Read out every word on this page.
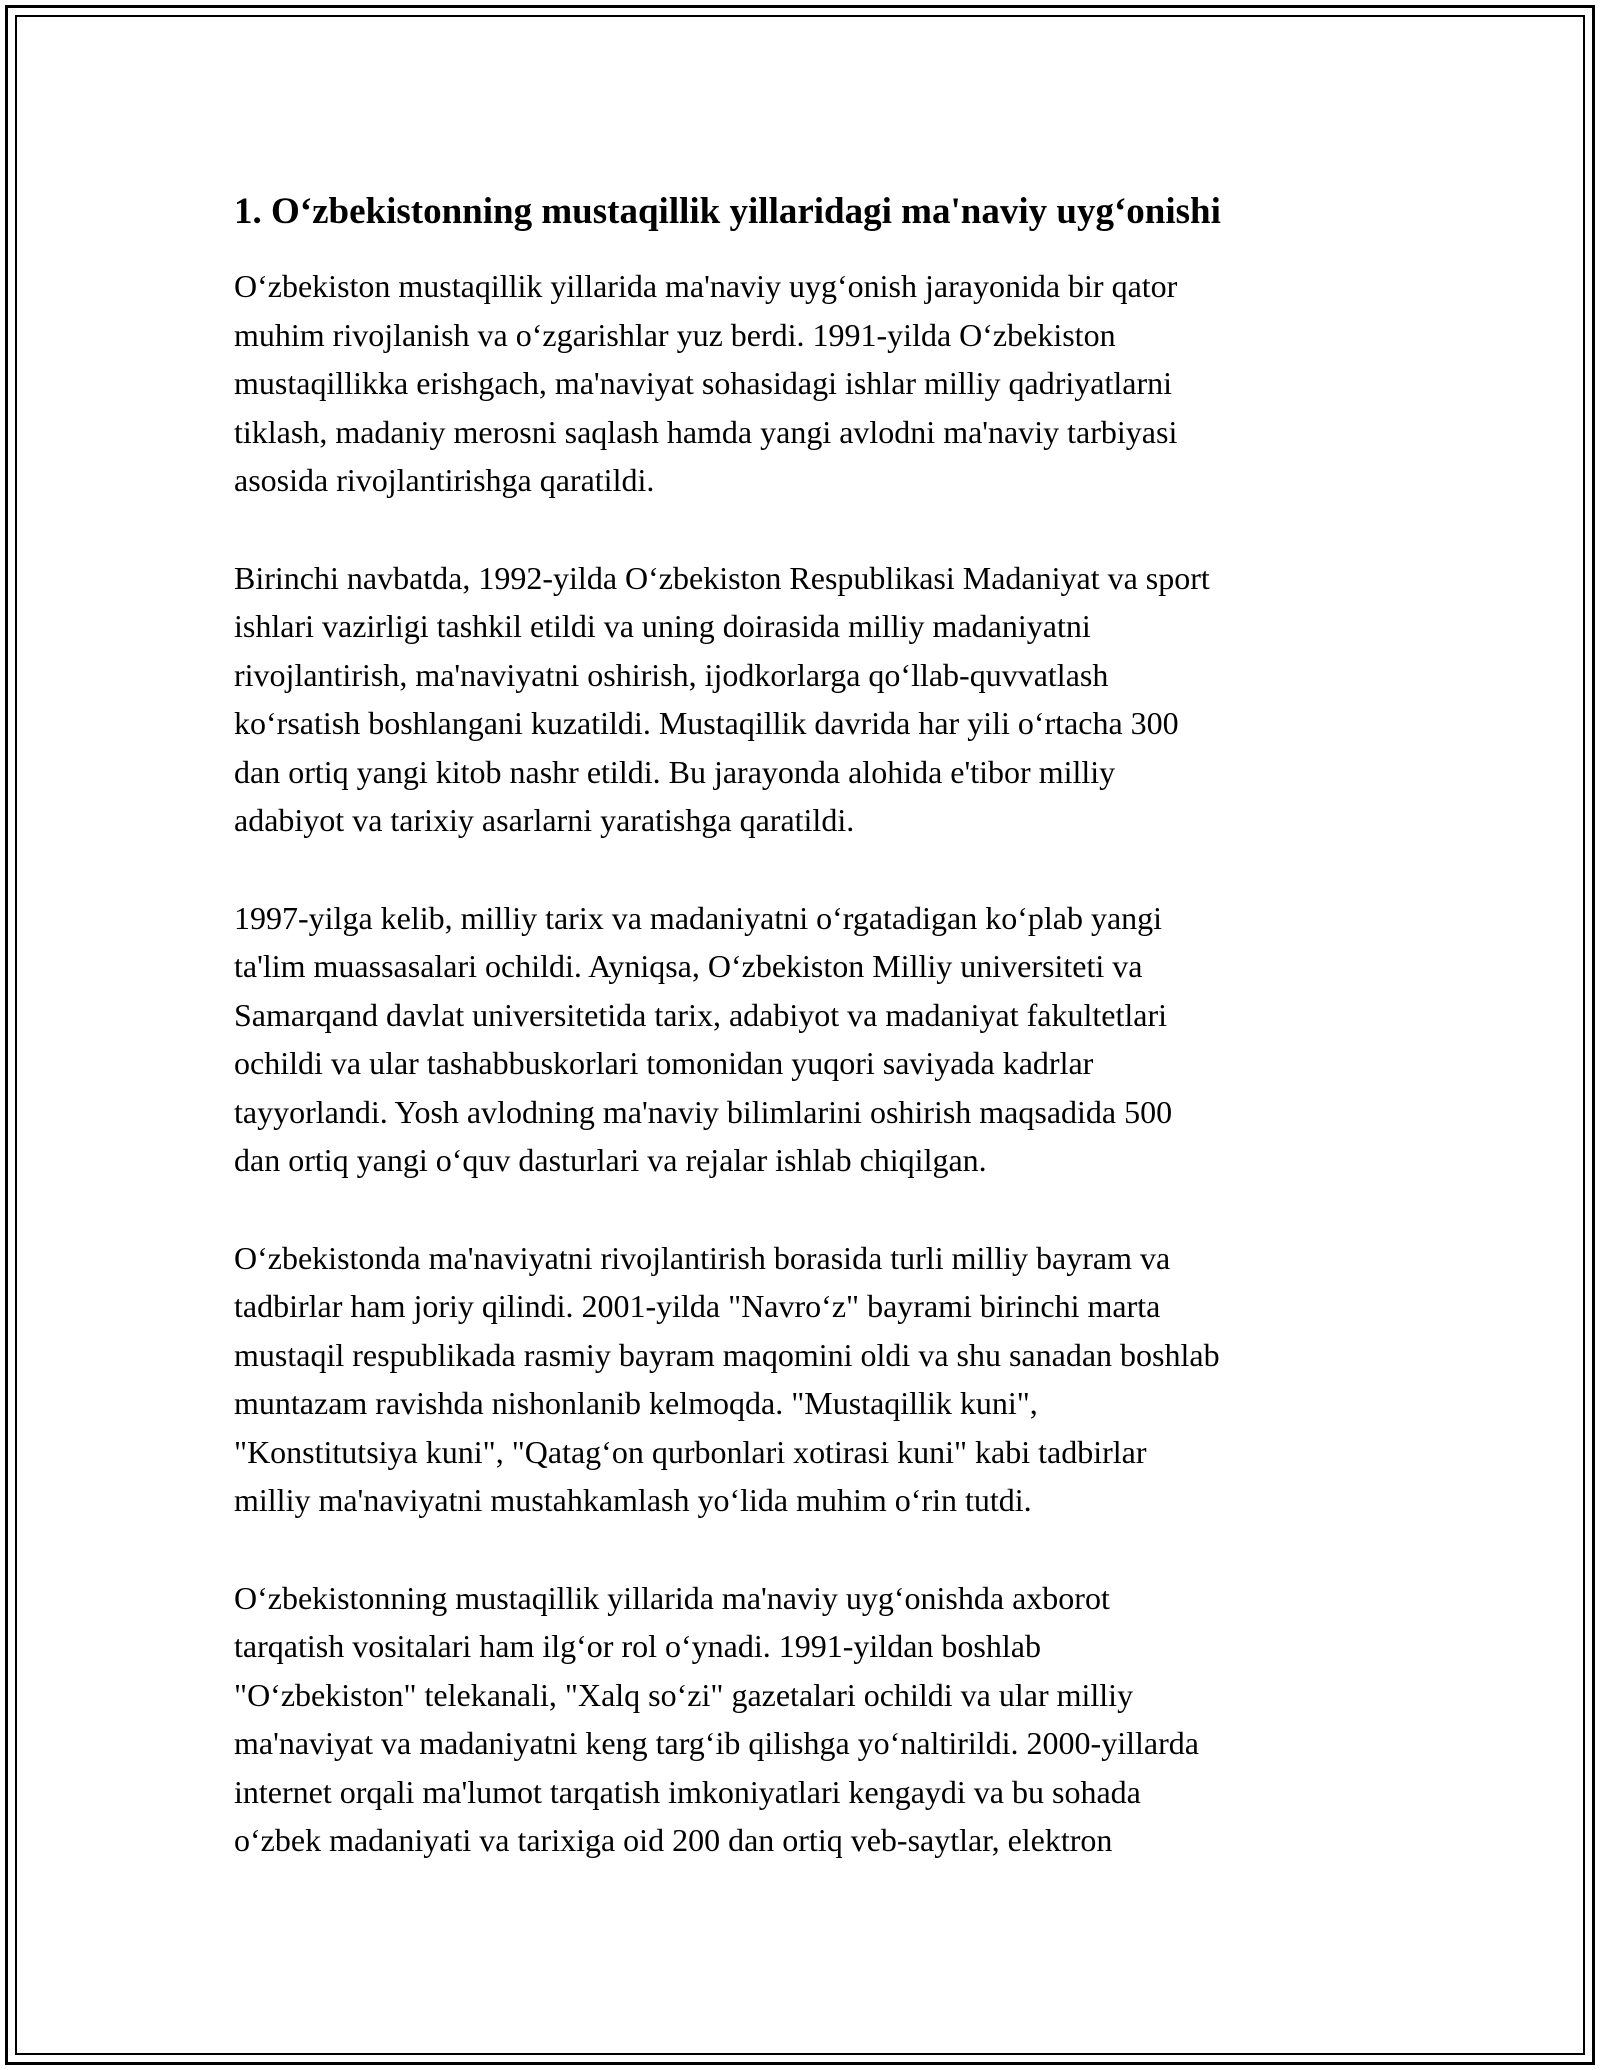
1. O‘zbekistonning mustaqillik yillaridagi ma'naviy uyg‘onishi

O‘zbekiston mustaqillik yillarida ma'naviy uyg‘onish jarayonida bir qator
muhim rivojlanish va o‘zgarishlar yuz berdi. 1991-yilda O‘zbekiston
mustaqillikka erishgach, ma'naviyat sohasidagi ishlar milliy qadriyatlarni
tiklash, madaniy merosni saqlash hamda yangi avlodni ma'naviy tarbiyasi
asosida rivojlantirishga qaratildi.

Birinchi navbatda, 1992-yilda O‘zbekiston Respublikasi Madaniyat va sport
ishlari vazirligi tashkil etildi va uning doirasida milliy madaniyatni
rivojlantirish, ma'naviyatni oshirish, ijodkorlarga qo‘llab-quvvatlash
ko‘rsatish boshlangani kuzatildi. Mustaqillik davrida har yili o‘rtacha 300
dan ortiq yangi kitob nashr etildi. Bu jarayonda alohida e'tibor milliy
adabiyot va tarixiy asarlarni yaratishga qaratildi.

1997-yilga kelib, milliy tarix va madaniyatni o‘rgatadigan ko‘plab yangi
ta'lim muassasalari ochildi. Ayniqsa, O‘zbekiston Milliy universiteti va
Samarqand davlat universitetida tarix, adabiyot va madaniyat fakultetlari
ochildi va ular tashabbuskorlari tomonidan yuqori saviyada kadrlar
tayyorlandi. Yosh avlodning ma'naviy bilimlarini oshirish maqsadida 500
dan ortiq yangi o‘quv dasturlari va rejalar ishlab chiqilgan.

O‘zbekistonda ma'naviyatni rivojlantirish borasida turli milliy bayram va
tadbirlar ham joriy qilindi. 2001-yilda "Navro‘z" bayrami birinchi marta
mustaqil respublikada rasmiy bayram maqomini oldi va shu sanadan boshlab
muntazam ravishda nishonlanib kelmoqda. "Mustaqillik kuni",
"Konstitutsiya kuni", "Qatag‘on qurbonlari xotirasi kuni" kabi tadbirlar
milliy ma'naviyatni mustahkamlash yo‘lida muhim o‘rin tutdi.

O‘zbekistonning mustaqillik yillarida ma'naviy uyg‘onishda axborot
tarqatish vositalari ham ilg‘or rol o‘ynadi. 1991-yildan boshlab
"O‘zbekiston" telekanali, "Xalq so‘zi" gazetalari ochildi va ular milliy
ma'naviyat va madaniyatni keng targ‘ib qilishga yo‘naltirildi. 2000-yillarda
internet orqali ma'lumot tarqatish imkoniyatlari kengaydi va bu sohada
o‘zbek madaniyati va tarixiga oid 200 dan ortiq veb-saytlar, elektron
